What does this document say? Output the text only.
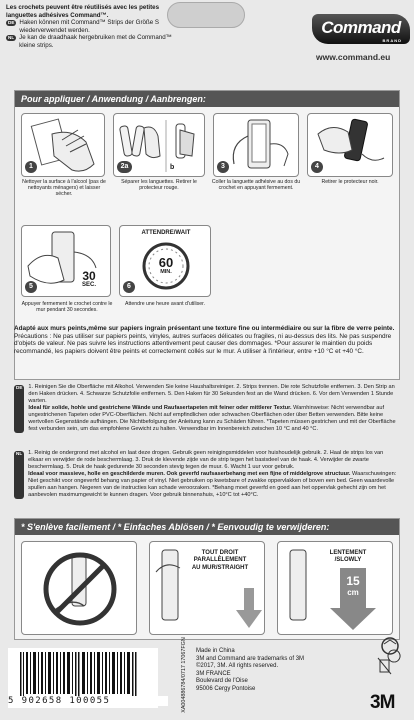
Les crochets peuvent être réutilisés avec les petites languettes adhésives Command™.
DE Haken können mit Command™ Strips der Größe S wiederverwendet werden.
NL Je kan de draadhaak hergebruiken met de Command™ kleine strips.
Command
BRAND
www.command.eu
Pour appliquer / Anwendung / Aanbrengen:
1
Nettoyer la surface à l'alcool (pas de nettoyants ménagers) et laisser sécher.
2a	b
Séparer les languettes. Retirer le protecteur rouge.
3
Coller la languette adhésive au dos du crochet en appuyant fermement.
4
Retirer le protecteur noir.
30
SEC.
5
Appuyer fermement le crochet contre le mur pendant 30 secondes.
ATTENDRE/WAIT
60
MIN.
6
Attendre une heure avant d'utiliser.
Adapté aux murs peints,même sur papiers ingrain présentant une texture fine ou intermédiaire ou sur la fibre de verre peinte. Précautions : Ne pas utiliser sur papiers peints, vinyles, autres surfaces délicates ou fragiles, ni au-dessus des lits. Ne pas suspendre d'objets de valeur. Ne pas suivre les instructions attentivement peut causer des dommages. *Pour assurer le maintien du poids recommandé, les papiers doivent être peints et correctement collés sur le mur. A utiliser à l'intérieur, entre +10 °C et +40 °C.
DE	1. Reinigen Sie die Oberfläche mit Alkohol. Verwenden Sie keine Haushaltsreiniger. 2. Strips trennen. Die rote Schutzfolie entfernen. 3. Den Strip an den Haken drücken. 4. Schwarze Schutzfolie entfernen. 5. Den Haken für 30 Sekunden fest an die Wand drücken. 6. Vor dem Verwenden 1 Stunde warten.
Ideal für solide, hohle und gestrichene Wände und Raufasertapeten mit feiner oder mittlerer Textur. Warnhinweise: Nicht verwendbar auf ungestrichenen Tapeten oder PVC-Oberflächen. Nicht auf empfindlichen oder schwachen Oberflächen oder über Betten verwenden. Bitte keine wertvollen Gegenstände aufhängen. Die Nichtbefolgung der Anleitung kann zu Schäden führen. *Tapeten müssen gestrichen und mit der Oberfläche fest verbunden sein, um das empfohlene Gewicht zu halten. Verwendbar im Innenbereich zwischen 10 °C and 40 °C.
NL	1. Reinig de ondergrond met alcohol en laat deze drogen. Gebruik geen reinigingsmiddelen voor huishoudelijk gebruik. 2. Haal de strips los van elkaar en verwijder de rode beschermlaag. 3. Druk de klevende zijde van de strip tegen het basisdeel van de haak. 4. Verwijder de zwarte beschermlaag. 5. Druk de haak gedurende 30 seconden stevig tegen de muur. 6. Wacht 1 uur voor gebruik.
Ideaal voor massieve, holle en geschilderde muren. Ook geverfd raufsaserbehang met een fijne of middelgrove structuur. Waarschuwingen: Niet geschikt voor ongeverfd behang van papier of vinyl. Niet gebruiken op kwetsbare of zwakke oppervlakken of boven een bed. Geen waardevolle spullen aan hangen. Negeren van de instructies kan schade veroorzaken. *Behang moet geverfd en goed aan het oppervlak gehecht zijn om het aanbevolen maximumgewicht te kunnen dragen. Voor gebruik binnenshuis, +10°C tot +40°C.
* S'enlève facilement / * Einfaches Ablösen / * Eenvoudig te verwijderen:
TOUT DROIT PARALLÈLEMENT AU MUR/STRAIGHT
LENTEMENT /SLOWLY
15
cm
5 902658 100055	XA004886784/0717 17067FGN Made in China
3M and Command are trademarks of 3M
©2017, 3M. All rights reserved.
3M FRANCE
Boulevard de l'Oise
95006 Cergy Pontoise
3M
